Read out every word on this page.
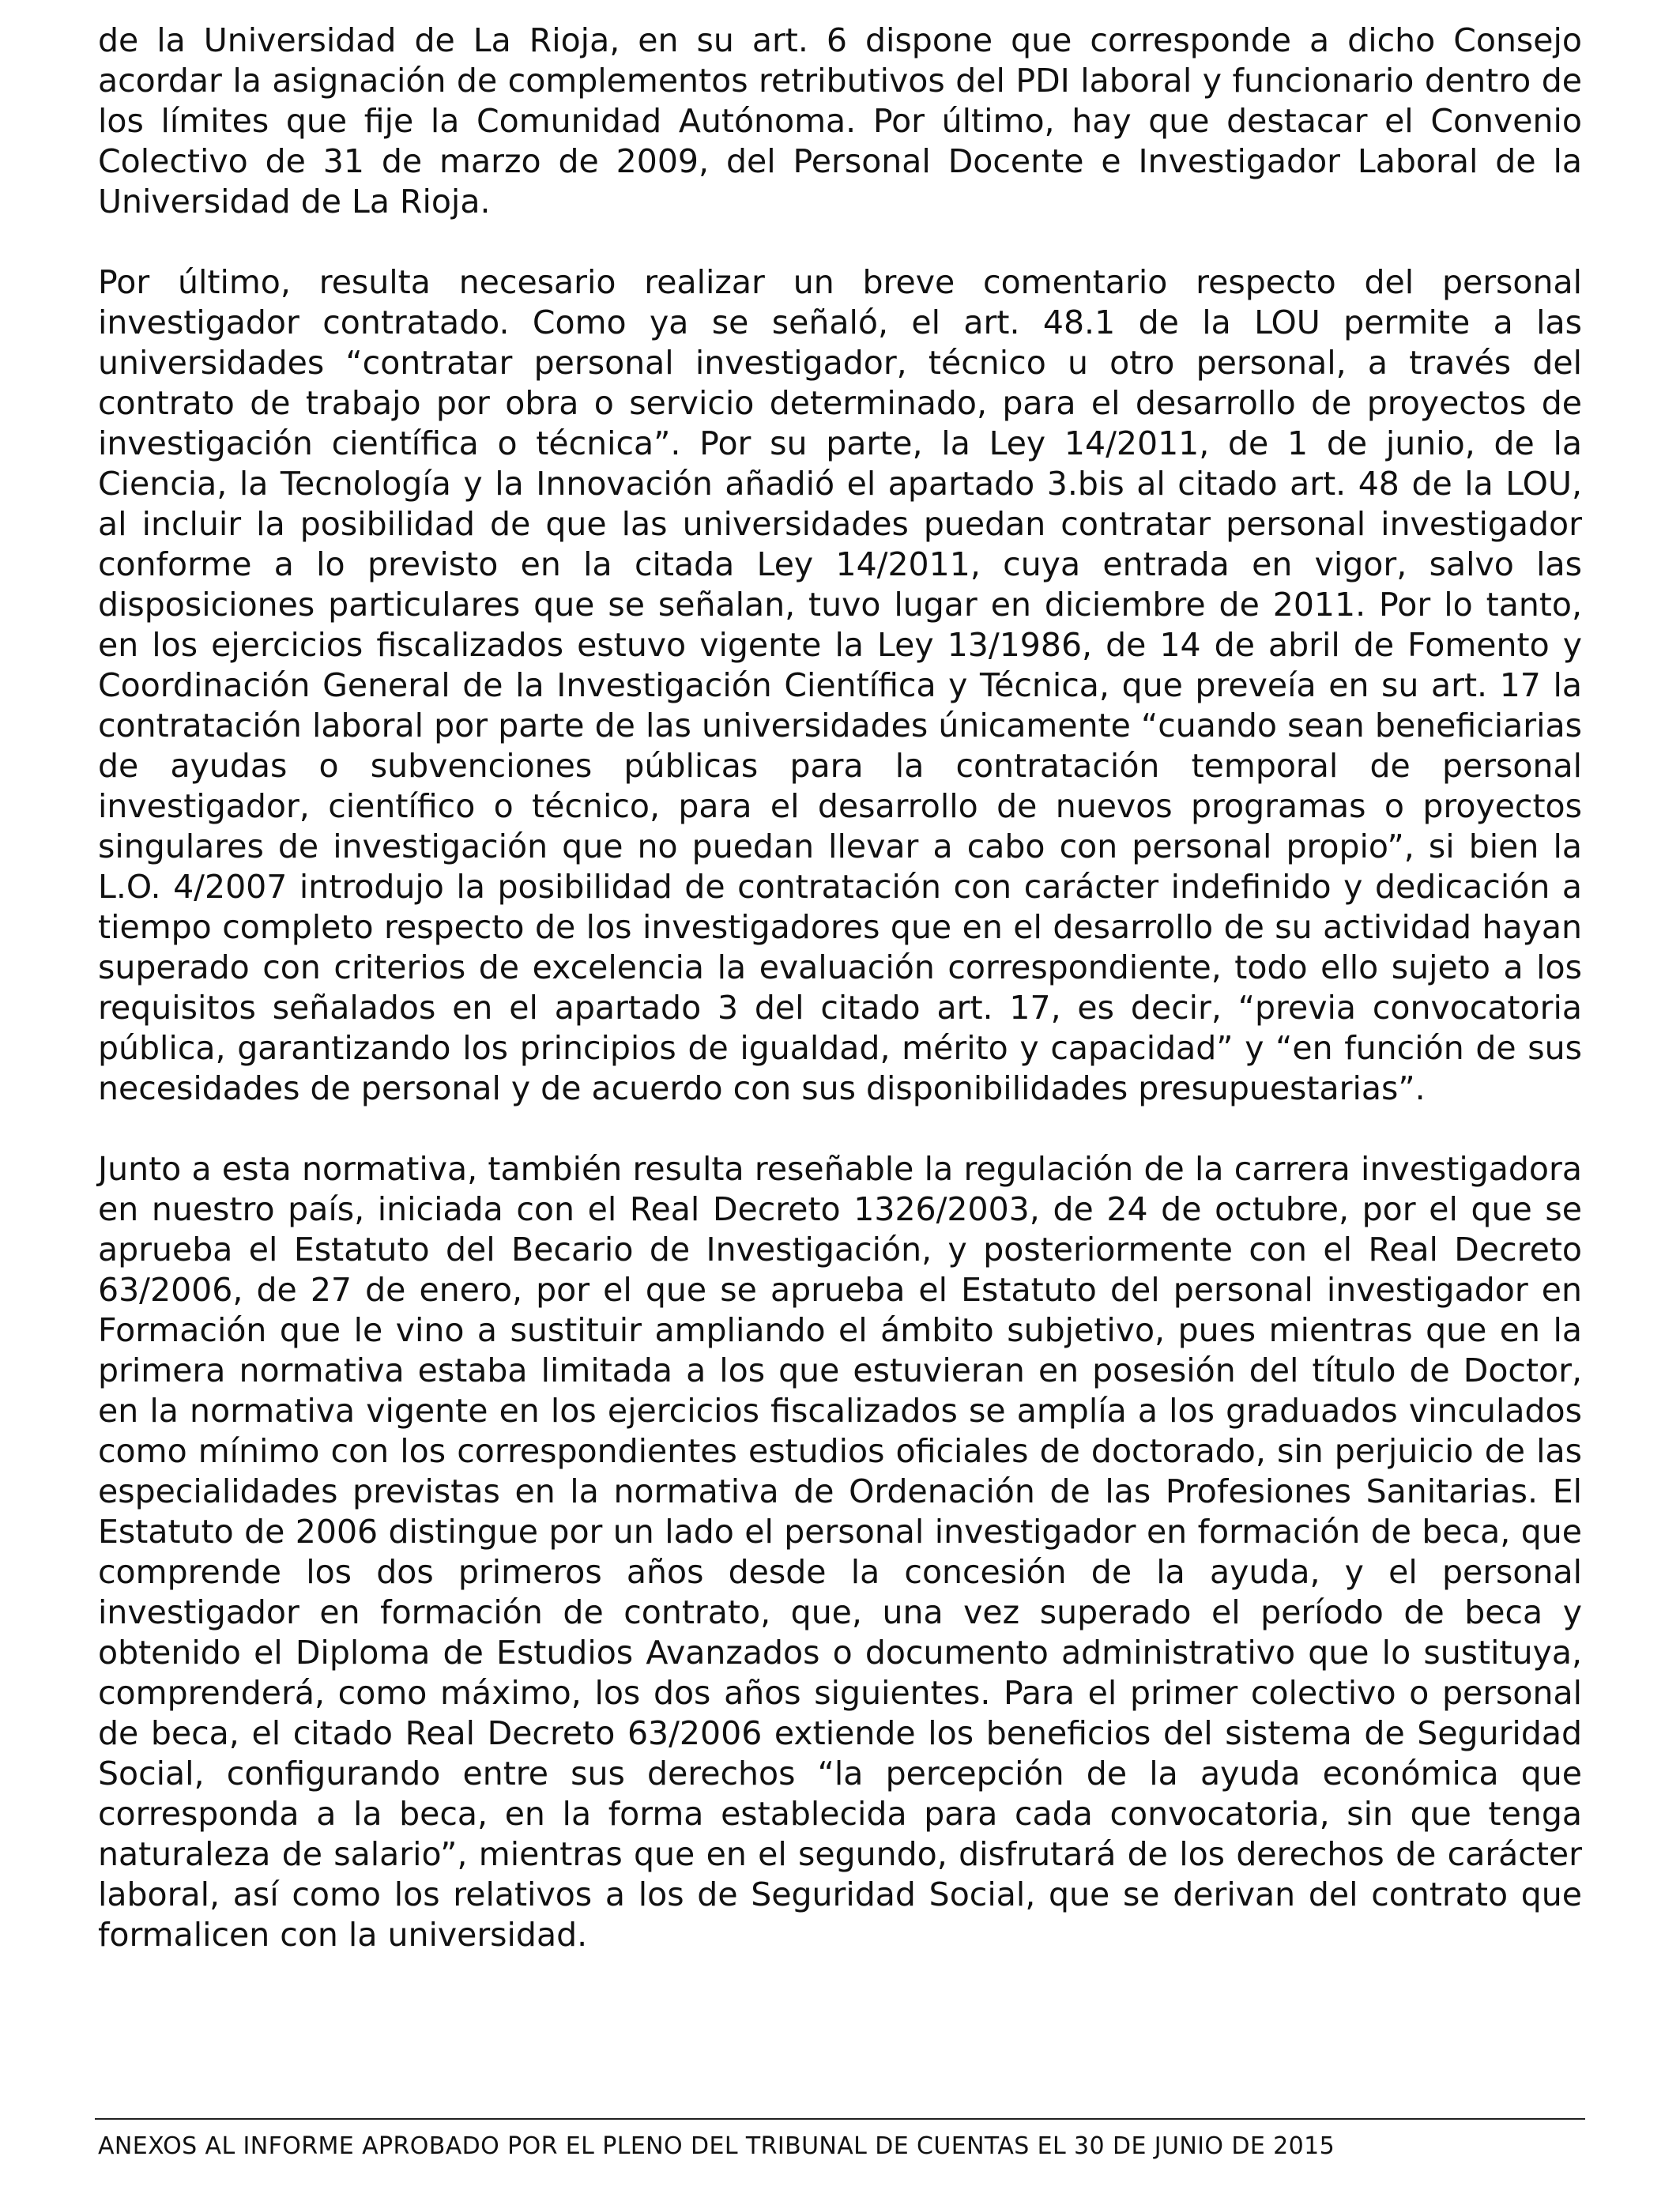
de la Universidad de La Rioja, en su art. 6 dispone que corresponde a dicho Consejo acordar la asignación de complementos retributivos del PDI laboral y funcionario dentro de los límites que fije la Comunidad Autónoma. Por último, hay que destacar el Convenio Colectivo de 31 de marzo de 2009, del Personal Docente e Investigador Laboral de la Universidad de La Rioja.

Por último, resulta necesario realizar un breve comentario respecto del personal investigador contratado. Como ya se señaló, el art. 48.1 de la LOU permite a las universidades “contratar personal investigador, técnico u otro personal, a través del contrato de trabajo por obra o servicio determinado, para el desarrollo de proyectos de investigación científica o técnica”. Por su parte, la Ley 14/2011, de 1 de junio, de la Ciencia, la Tecnología y la Innovación añadió el apartado 3.bis al citado art. 48 de la LOU, al incluir la posibilidad de que las universidades puedan contratar personal investigador conforme a lo previsto en la citada Ley 14/2011, cuya entrada en vigor, salvo las disposiciones particulares que se señalan, tuvo lugar en diciembre de 2011. Por lo tanto, en los ejercicios fiscalizados estuvo vigente la Ley 13/1986, de 14 de abril de Fomento y Coordinación General de la Investigación Científica y Técnica, que preveía en su art. 17 la contratación laboral por parte de las universidades únicamente “cuando sean beneficiarias de ayudas o subvenciones públicas para la contratación temporal de personal investigador, científico o técnico, para el desarrollo de nuevos programas o proyectos singulares de investigación que no puedan llevar a cabo con personal propio”, si bien la L.O. 4/2007 introdujo la posibilidad de contratación con carácter indefinido y dedicación a tiempo completo respecto de los investigadores que en el desarrollo de su actividad hayan superado con criterios de excelencia la evaluación correspondiente, todo ello sujeto a los requisitos señalados en el apartado 3 del citado art. 17, es decir, “previa convocatoria pública, garantizando los principios de igualdad, mérito y capacidad” y “en función de sus necesidades de personal y de acuerdo con sus disponibilidades presupuestarias”.

Junto a esta normativa, también resulta reseñable la regulación de la carrera investigadora en nuestro país, iniciada con el Real Decreto 1326/2003, de 24 de octubre, por el que se aprueba el Estatuto del Becario de Investigación, y posteriormente con el Real Decreto 63/2006, de 27 de enero, por el que se aprueba el Estatuto del personal investigador en Formación que le vino a sustituir ampliando el ámbito subjetivo, pues mientras que en la primera normativa estaba limitada a los que estuvieran en posesión del título de Doctor, en la normativa vigente en los ejercicios fiscalizados se amplía a los graduados vinculados como mínimo con los correspondientes estudios oficiales de doctorado, sin perjuicio de las especialidades previstas en la normativa de Ordenación de las Profesiones Sanitarias. El Estatuto de 2006 distingue por un lado el personal investigador en formación de beca, que comprende los dos primeros años desde la concesión de la ayuda, y el personal investigador en formación de contrato, que, una vez superado el período de beca y obtenido el Diploma de Estudios Avanzados o documento administrativo que lo sustituya, comprenderá, como máximo, los dos años siguientes. Para el primer colectivo o personal de beca, el citado Real Decreto 63/2006 extiende los beneficios del sistema de Seguridad Social, configurando entre sus derechos “la percepción de la ayuda económica que corresponda a la beca, en la forma establecida para cada convocatoria, sin que tenga naturaleza de salario”, mientras que en el segundo, disfrutará de los derechos de carácter laboral, así como los relativos a los de Seguridad Social, que se derivan del contrato que formalicen con la universidad.

ANEXOS AL INFORME APROBADO POR EL PLENO DEL TRIBUNAL DE CUENTAS EL 30 DE JUNIO DE 2015
